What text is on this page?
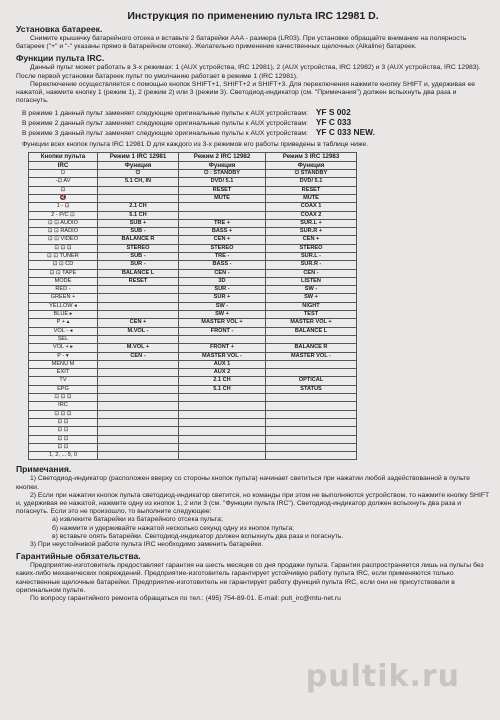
Инструкция по применению пульта IRC 12981 D.
Установка батареек.

Снимите крышечку батарейного отсека и вставьте 2 батарейки AAA - размера (LR03). При установке обращайте внимание на полярность батареек ("+" и "-" указаны прямо в батарейном отсеке). Желательно применение качественных щелочных (Alkaline) батареек.

Функции пульта IRC.

Данный пульт может работать в 3-х режимах: 1 (AUX устройства, IRC 12981), 2 (AUX устройства, IRC 12982) и 3 (AUX устройства, IRC 12983). После первой установки батареек пульт по умолчанию работает в режиме 1 (IRC 12981).

Переключение осуществляется с помощью кнопок SHIFT+1, SHIFT+2 и SHIFT+3. Для переключения нажмите кнопку SHIFT и, удерживая ее нажатой, нажмите кнопку 1 (режим 1), 2 (режим 2) или 3 (режим 3). Светодиод-индикатор (см. "Примечания") должен вспыхнуть два раза и погаснуть.

В режиме 1 данный пульт заменяет следующие оригинальные пульты к AUX устройствам: YF S 002
В режиме 2 данный пульт заменяет следующие оригинальные пульты к AUX устройствам: YF C 033
В режиме 3 данный пульт заменяет следующие оригинальные пульты к AUX устройствам: YF C 033 NEW.
Функции всех кнопок пульта IRC 12981 D для каждого из 3-х режимов его работы приведены в таблице ниже.
Кнопки пульта	Режим 1 IRC 12981	Режим 2 IRC 12982	Режим 3 IRC 12983
IRC	Функция	Функция	Функция
⏻	⏻	⏻ : STANDBY	⏻ STANDBY
-⊡ AV	5.1 CH, IN	DVD/ 5.1	DVD/ 5.1
⊡		RESET	RESET
🔇		MUTE	MUTE
1 - ⊡	2.1 CH		COAX 1
2 - P/C ⊡	5.1 CH		COAX 2
⊡ ⊡ AUDIO	SUB +	TRE +	SUR.L +
⊡ ⊡ RADIO	SUB -	BASS +	SUR.R +
⊡ ⊡ VIDEO	BALANCE R	CEN +	CEN +
⊡ ⊡ ⊡	STEREO	STEREO	STEREO
⊡ ⊡ TUNER	SUB -	TRE -	SUR.L -
⊡ ⊡ CD	SUR -	BASS -	SUR.R -
⊡ ⊡ TAPE	BALANCE L	CEN -	CEN -
MODE	RESET	3D	LISTEN
RED -		SUR -	SW -
GREEN +		SUR +	SW +
YELLOW ◂		SW -	NIGHT
BLUE ▸		SW +	TEST
P + ▴	CEN +	MASTER VOL +	MASTER VOL +
VOL - ◂	M.VOL -	FRONT -	BALANCE L
SEL			
VOL + ▸	M.VOL +	FRONT +	BALANCE R
P - ▾	CEN -	MASTER VOL -	MASTER VOL -
MENU M		AUX 1	
EXIT		AUX 2	
TV		2.1 CH	OPTICAL
EPG		5.1 CH	STATUS
⊡ ⊡ ⊡			
IRC			
⊡ ⊡ ⊡			
⊡ ⊡			
⊡ ⊡			
⊡ ⊡			
⊡ ⊡			
1, 2, ... 9, 0			
Примечания.

1) Светодиод-индикатор (расположен вверху со стороны кнопок пульта) начинает светиться при нажатии любой задействованной в пульте кнопки.

2) Если при нажатии кнопок пульта светодиод-индикатор светится, но команды при этом не выполняются устройством, то нажмите кнопку SHIFT и, удерживая ее нажатой, нажмите одну из кнопок 1, 2 или 3 (см. "Функции пульта IRC"). Светодиод-индикатор должен вспыхнуть два раза и погаснуть. Если это не произошло, то выполните следующее:

а) извлеките батарейки из батарейного отсека пульта;

б) нажмите и удерживайте нажатой несколько секунд одну из кнопок пульта;

в) вставьте опять батарейки. Светодиод-индикатор должен вспыхнуть два раза и погаснуть.

3) При неустойчивой работе пульта IRC необходимо заменить батарейки.

Гарантийные обязательства.

Предприятие-изготовитель предоставляет гарантия на шесть месяцев со дня продажи пульта. Гарантия распространяется лишь на пульты без каких-либо механических повреждений. Предприятие-изготовитель гарантирует устойчивую работу пульта IRC, если применяются только качественные щелочные батарейки. Предприятие-изготовитель не гарантирует работу функций пульта IRC, если они не присутствовали в оригинальном пульте.

По вопросу гарантийного ремонта обращаться по тел.: (495) 754-89-01. E-mail: pult_irc@mtu-net.ru

pultik.ru
